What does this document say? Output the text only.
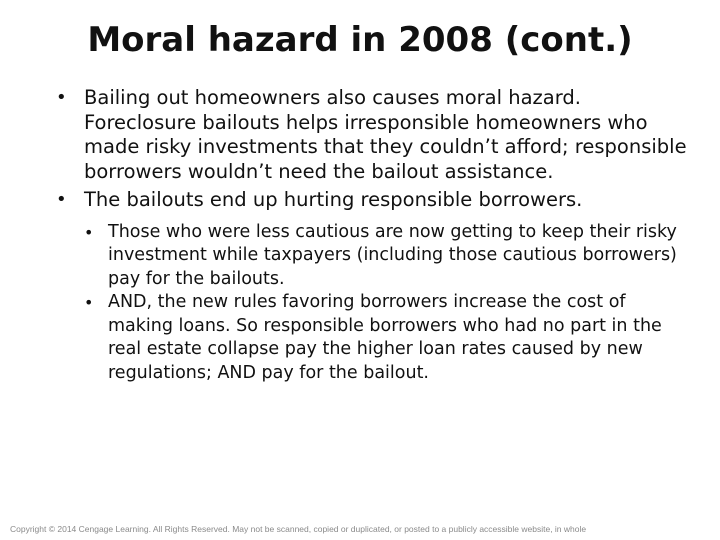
Moral hazard in 2008 (cont.)
• Bailing out homeowners also causes moral hazard. Foreclosure bailouts helps irresponsible homeowners who made risky investments that they couldn’t afford; responsible borrowers wouldn’t need the bailout assistance.
• The bailouts end up hurting responsible borrowers.
• Those who were less cautious are now getting to keep their risky investment while taxpayers (including those cautious borrowers) pay for the bailouts.
• AND, the new rules favoring borrowers increase the cost of making loans. So responsible borrowers who had no part in the real estate collapse pay the higher loan rates caused by new regulations; AND pay for the bailout.
Copyright © 2014 Cengage Learning. All Rights Reserved. May not be scanned, copied or duplicated, or posted to a publicly accessible website, in whole
